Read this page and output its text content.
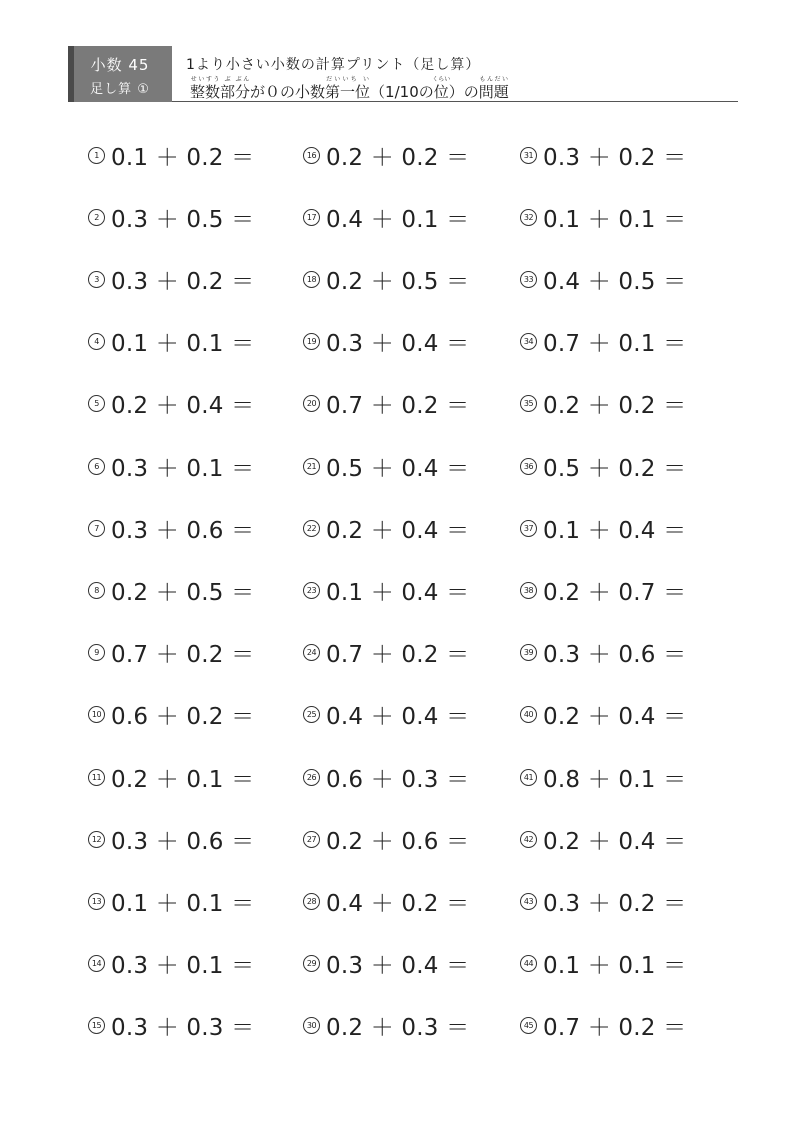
小数 45
足し算 ①
1より小さい小数の計算プリント（足し算）
整数部分せいすう ぶ ぶんが０の小数第一位だいいち い（1/10の位くらい）の問題もんだい
1 0.1 ＋ 0.2 ＝
2 0.3 ＋ 0.5 ＝
3 0.3 ＋ 0.2 ＝
4 0.1 ＋ 0.1 ＝
5 0.2 ＋ 0.4 ＝
6 0.3 ＋ 0.1 ＝
7 0.3 ＋ 0.6 ＝
8 0.2 ＋ 0.5 ＝
9 0.7 ＋ 0.2 ＝
10 0.6 ＋ 0.2 ＝
11 0.2 ＋ 0.1 ＝
12 0.3 ＋ 0.6 ＝
13 0.1 ＋ 0.1 ＝
14 0.3 ＋ 0.1 ＝
15 0.3 ＋ 0.3 ＝
16 0.2 ＋ 0.2 ＝
17 0.4 ＋ 0.1 ＝
18 0.2 ＋ 0.5 ＝
19 0.3 ＋ 0.4 ＝
20 0.7 ＋ 0.2 ＝
21 0.5 ＋ 0.4 ＝
22 0.2 ＋ 0.4 ＝
23 0.1 ＋ 0.4 ＝
24 0.7 ＋ 0.2 ＝
25 0.4 ＋ 0.4 ＝
26 0.6 ＋ 0.3 ＝
27 0.2 ＋ 0.6 ＝
28 0.4 ＋ 0.2 ＝
29 0.3 ＋ 0.4 ＝
30 0.2 ＋ 0.3 ＝
31 0.3 ＋ 0.2 ＝
32 0.1 ＋ 0.1 ＝
33 0.4 ＋ 0.5 ＝
34 0.7 ＋ 0.1 ＝
35 0.2 ＋ 0.2 ＝
36 0.5 ＋ 0.2 ＝
37 0.1 ＋ 0.4 ＝
38 0.2 ＋ 0.7 ＝
39 0.3 ＋ 0.6 ＝
40 0.2 ＋ 0.4 ＝
41 0.8 ＋ 0.1 ＝
42 0.2 ＋ 0.4 ＝
43 0.3 ＋ 0.2 ＝
44 0.1 ＋ 0.1 ＝
45 0.7 ＋ 0.2 ＝
